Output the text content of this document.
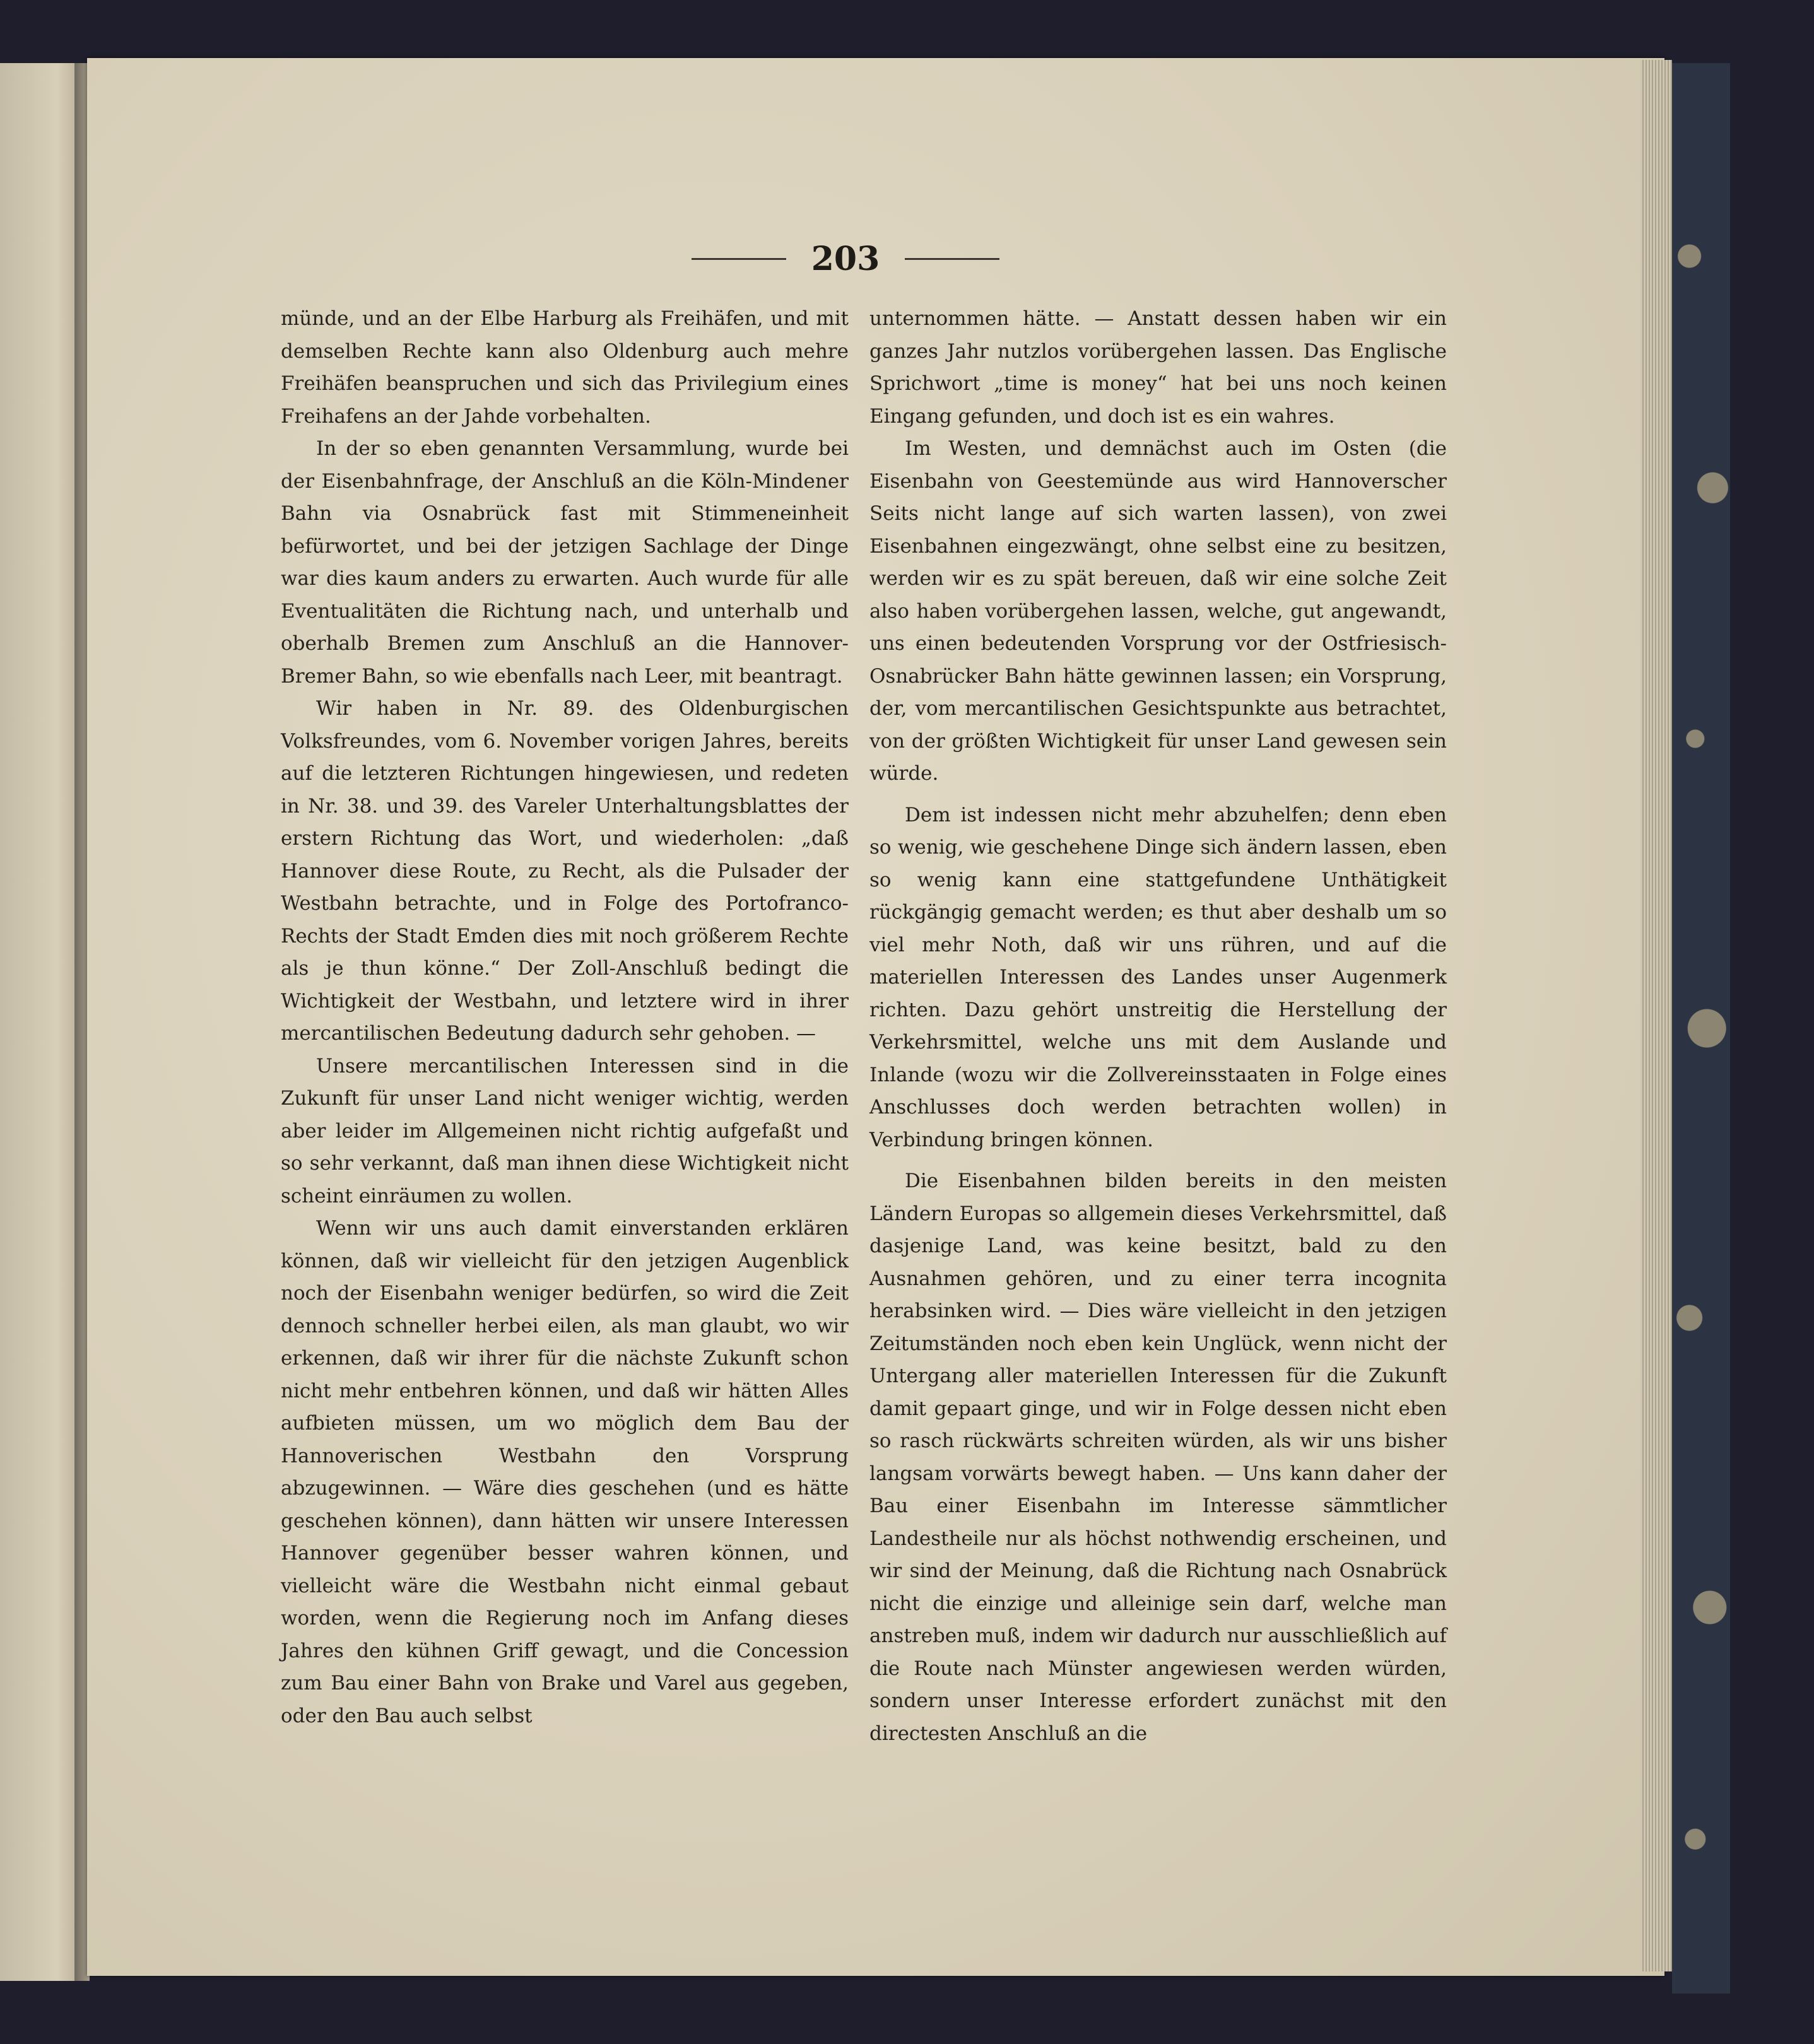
203

münde, und an der Elbe Harburg als Freihäfen, und mit demselben Rechte kann also Oldenburg auch mehre Freihäfen beanspruchen und sich das Privilegium eines Freihafens an der Jahde vorbehalten.

In der so eben genannten Versammlung, wurde bei der Eisenbahnfrage, der Anschluß an die Köln-Mindener Bahn via Osnabrück fast mit Stimmeneinheit befürwortet, und bei der jetzigen Sachlage der Dinge war dies kaum anders zu erwarten. Auch wurde für alle Eventualitäten die Richtung nach, und unterhalb und oberhalb Bremen zum Anschluß an die Hannover-Bremer Bahn, so wie ebenfalls nach Leer, mit beantragt.

Wir haben in Nr. 89. des Oldenburgischen Volksfreundes, vom 6. November vorigen Jahres, bereits auf die letzteren Richtungen hingewiesen, und redeten in Nr. 38. und 39. des Vareler Unterhaltungsblattes der erstern Richtung das Wort, und wiederholen: „daß Hannover diese Route, zu Recht, als die Pulsader der Westbahn betrachte, und in Folge des Portofranco-Rechts der Stadt Emden dies mit noch größerem Rechte als je thun könne.“ Der Zoll-Anschluß bedingt die Wichtigkeit der Westbahn, und letztere wird in ihrer mercantilischen Bedeutung dadurch sehr gehoben. —

Unsere mercantilischen Interessen sind in die Zukunft für unser Land nicht weniger wichtig, werden aber leider im Allgemeinen nicht richtig aufgefaßt und so sehr verkannt, daß man ihnen diese Wichtigkeit nicht scheint einräumen zu wollen.

Wenn wir uns auch damit einverstanden erklären können, daß wir vielleicht für den jetzigen Augenblick noch der Eisenbahn weniger bedürfen, so wird die Zeit dennoch schneller herbei eilen, als man glaubt, wo wir erkennen, daß wir ihrer für die nächste Zukunft schon nicht mehr entbehren können, und daß wir hätten Alles aufbieten müssen, um wo möglich dem Bau der Hannoverischen Westbahn den Vorsprung abzugewinnen. — Wäre dies geschehen (und es hätte geschehen können), dann hätten wir unsere Interessen Hannover gegenüber besser wahren können, und vielleicht wäre die Westbahn nicht einmal gebaut worden, wenn die Regierung noch im Anfang dieses Jahres den kühnen Griff gewagt, und die Concession zum Bau einer Bahn von Brake und Varel aus gegeben, oder den Bau auch selbst

unternommen hätte. — Anstatt dessen haben wir ein ganzes Jahr nutzlos vorübergehen lassen. Das Englische Sprichwort „time is money“ hat bei uns noch keinen Eingang gefunden, und doch ist es ein wahres.

Im Westen, und demnächst auch im Osten (die Eisenbahn von Geestemünde aus wird Hannoverscher Seits nicht lange auf sich warten lassen), von zwei Eisenbahnen eingezwängt, ohne selbst eine zu besitzen, werden wir es zu spät bereuen, daß wir eine solche Zeit also haben vorübergehen lassen, welche, gut angewandt, uns einen bedeutenden Vorsprung vor der Ostfriesisch-Osnabrücker Bahn hätte gewinnen lassen; ein Vorsprung, der, vom mercantilischen Gesichtspunkte aus betrachtet, von der größten Wichtigkeit für unser Land gewesen sein würde.

Dem ist indessen nicht mehr abzuhelfen; denn eben so wenig, wie geschehene Dinge sich ändern lassen, eben so wenig kann eine stattgefundene Unthätigkeit rückgängig gemacht werden; es thut aber deshalb um so viel mehr Noth, daß wir uns rühren, und auf die materiellen Interessen des Landes unser Augenmerk richten. Dazu gehört unstreitig die Herstellung der Verkehrsmittel, welche uns mit dem Auslande und Inlande (wozu wir die Zollvereinsstaaten in Folge eines Anschlusses doch werden betrachten wollen) in Verbindung bringen können.

Die Eisenbahnen bilden bereits in den meisten Ländern Europas so allgemein dieses Verkehrsmittel, daß dasjenige Land, was keine besitzt, bald zu den Ausnahmen gehören, und zu einer terra incognita herabsinken wird. — Dies wäre vielleicht in den jetzigen Zeitumständen noch eben kein Unglück, wenn nicht der Untergang aller materiellen Interessen für die Zukunft damit gepaart ginge, und wir in Folge dessen nicht eben so rasch rückwärts schreiten würden, als wir uns bisher langsam vorwärts bewegt haben. — Uns kann daher der Bau einer Eisenbahn im Interesse sämmtlicher Landestheile nur als höchst nothwendig erscheinen, und wir sind der Meinung, daß die Richtung nach Osnabrück nicht die einzige und alleinige sein darf, welche man anstreben muß, indem wir dadurch nur ausschließlich auf die Route nach Münster angewiesen werden würden, sondern unser Interesse erfordert zunächst mit den directesten Anschluß an die
